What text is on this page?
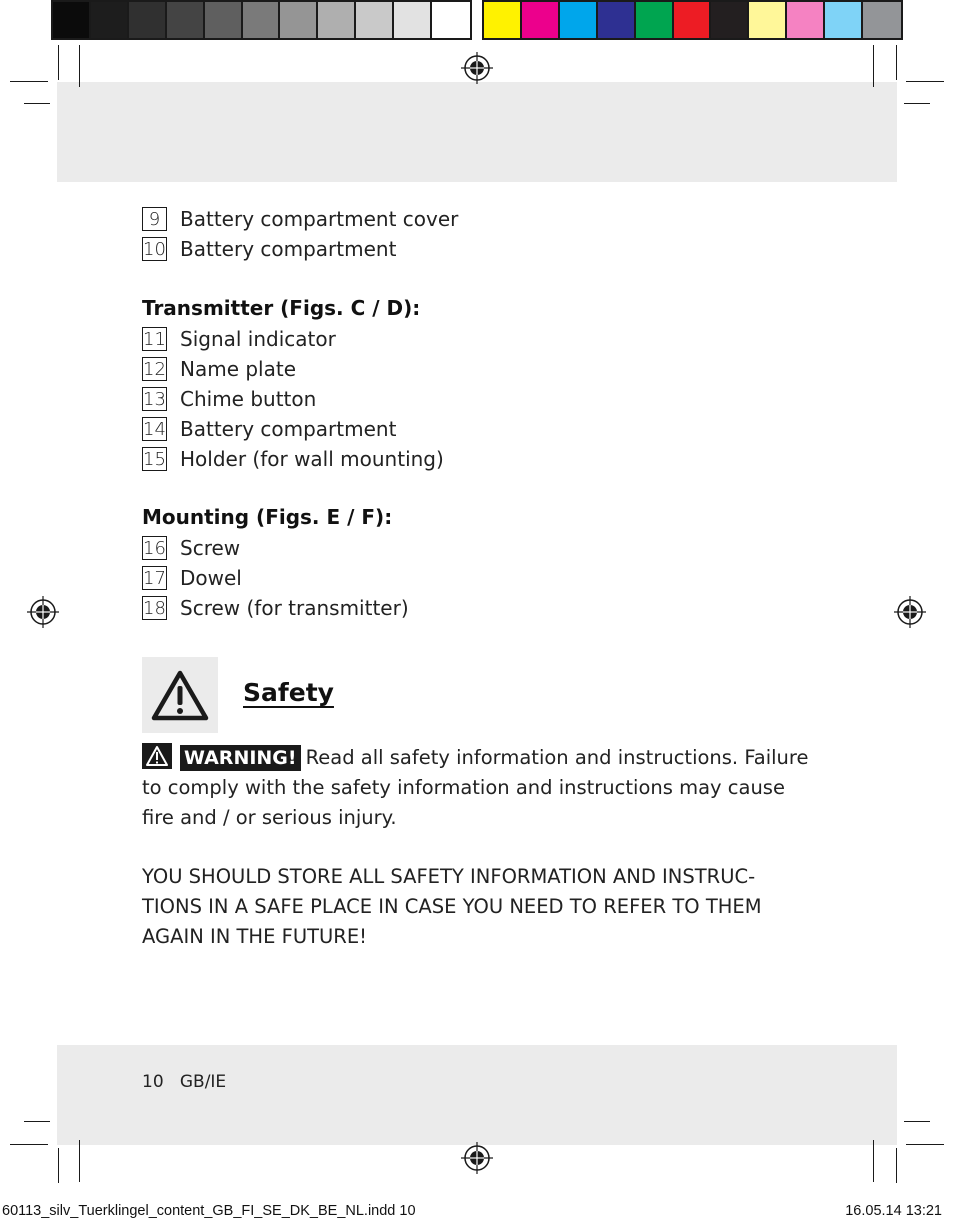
9 Battery compartment cover
10 Battery compartment
Transmitter (Figs. C / D):
11 Signal indicator
12 Name plate
13 Chime button
14 Battery compartment
15 Holder (for wall mounting)
Mounting (Figs. E / F):
16 Screw
17 Dowel
18 Screw (for transmitter)
Safety
WARNING! Read all safety information and instructions. Failure to comply with the safety information and instructions may cause fire and / or serious injury.
YOU SHOULD STORE ALL SAFETY INFORMATION AND INSTRUC-TIONS IN A SAFE PLACE IN CASE YOU NEED TO REFER TO THEM AGAIN IN THE FUTURE!
10 GB/IE
60113_silv_Tuerklingel_content_GB_FI_SE_DK_BE_NL.indd 10	16.05.14 13:21
